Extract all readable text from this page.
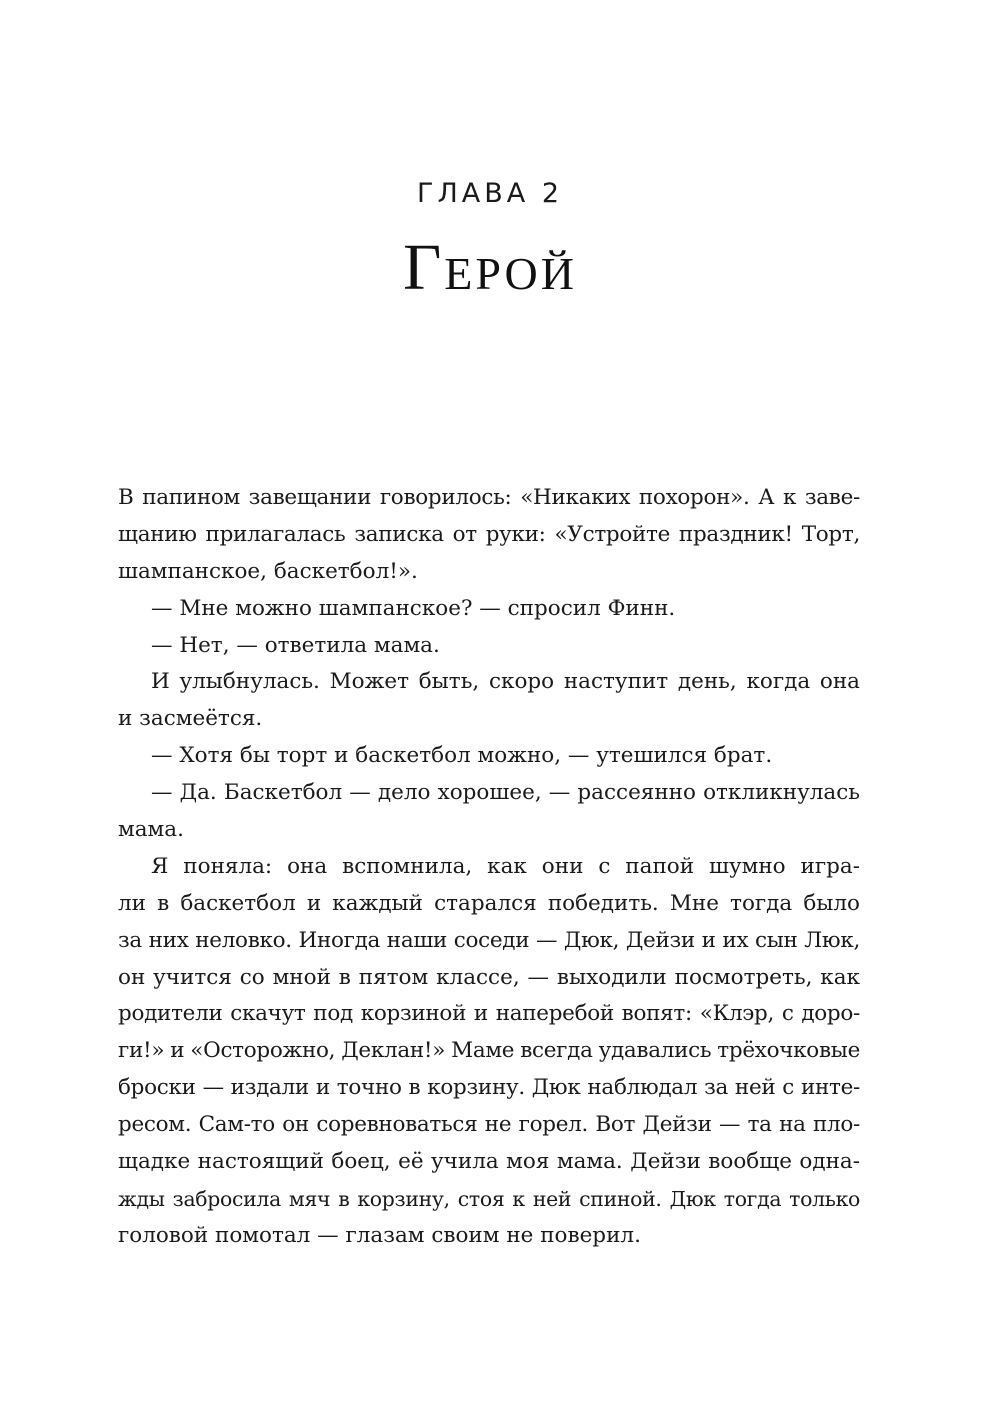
ГЛАВА 2
Герой
В папином завещании говорилось: «Никаких похорон». А к заве-
щанию прилагалась записка от руки: «Устройте праздник! Торт,
шампанское, баскетбол!».
— Мне можно шампанское? — спросил Финн.
— Нет, — ответила мама.
И улыбнулась. Может быть, скоро наступит день, когда она
и засмеётся.
— Хотя бы торт и баскетбол можно, — утешился брат.
— Да. Баскетбол — дело хорошее, — рассеянно откликнулась
мама.
Я поняла: она вспомнила, как они с папой шумно игра-
ли в баскетбол и каждый старался победить. Мне тогда было
за них неловко. Иногда наши соседи — Дюк, Дейзи и их сын Люк,
он учится со мной в пятом классе, — выходили посмотреть, как
родители скачут под корзиной и наперебой вопят: «Клэр, с доро-
ги!» и «Осторожно, Деклан!» Маме всегда удавались трёхочковые
броски — издали и точно в корзину. Дюк наблюдал за ней с инте-
ресом. Сам-то он соревноваться не горел. Вот Дейзи — та на пло-
щадке настоящий боец, её учила моя мама. Дейзи вообще одна-
жды забросила мяч в корзину, стоя к ней спиной. Дюк тогда только
головой помотал — глазам своим не поверил.
